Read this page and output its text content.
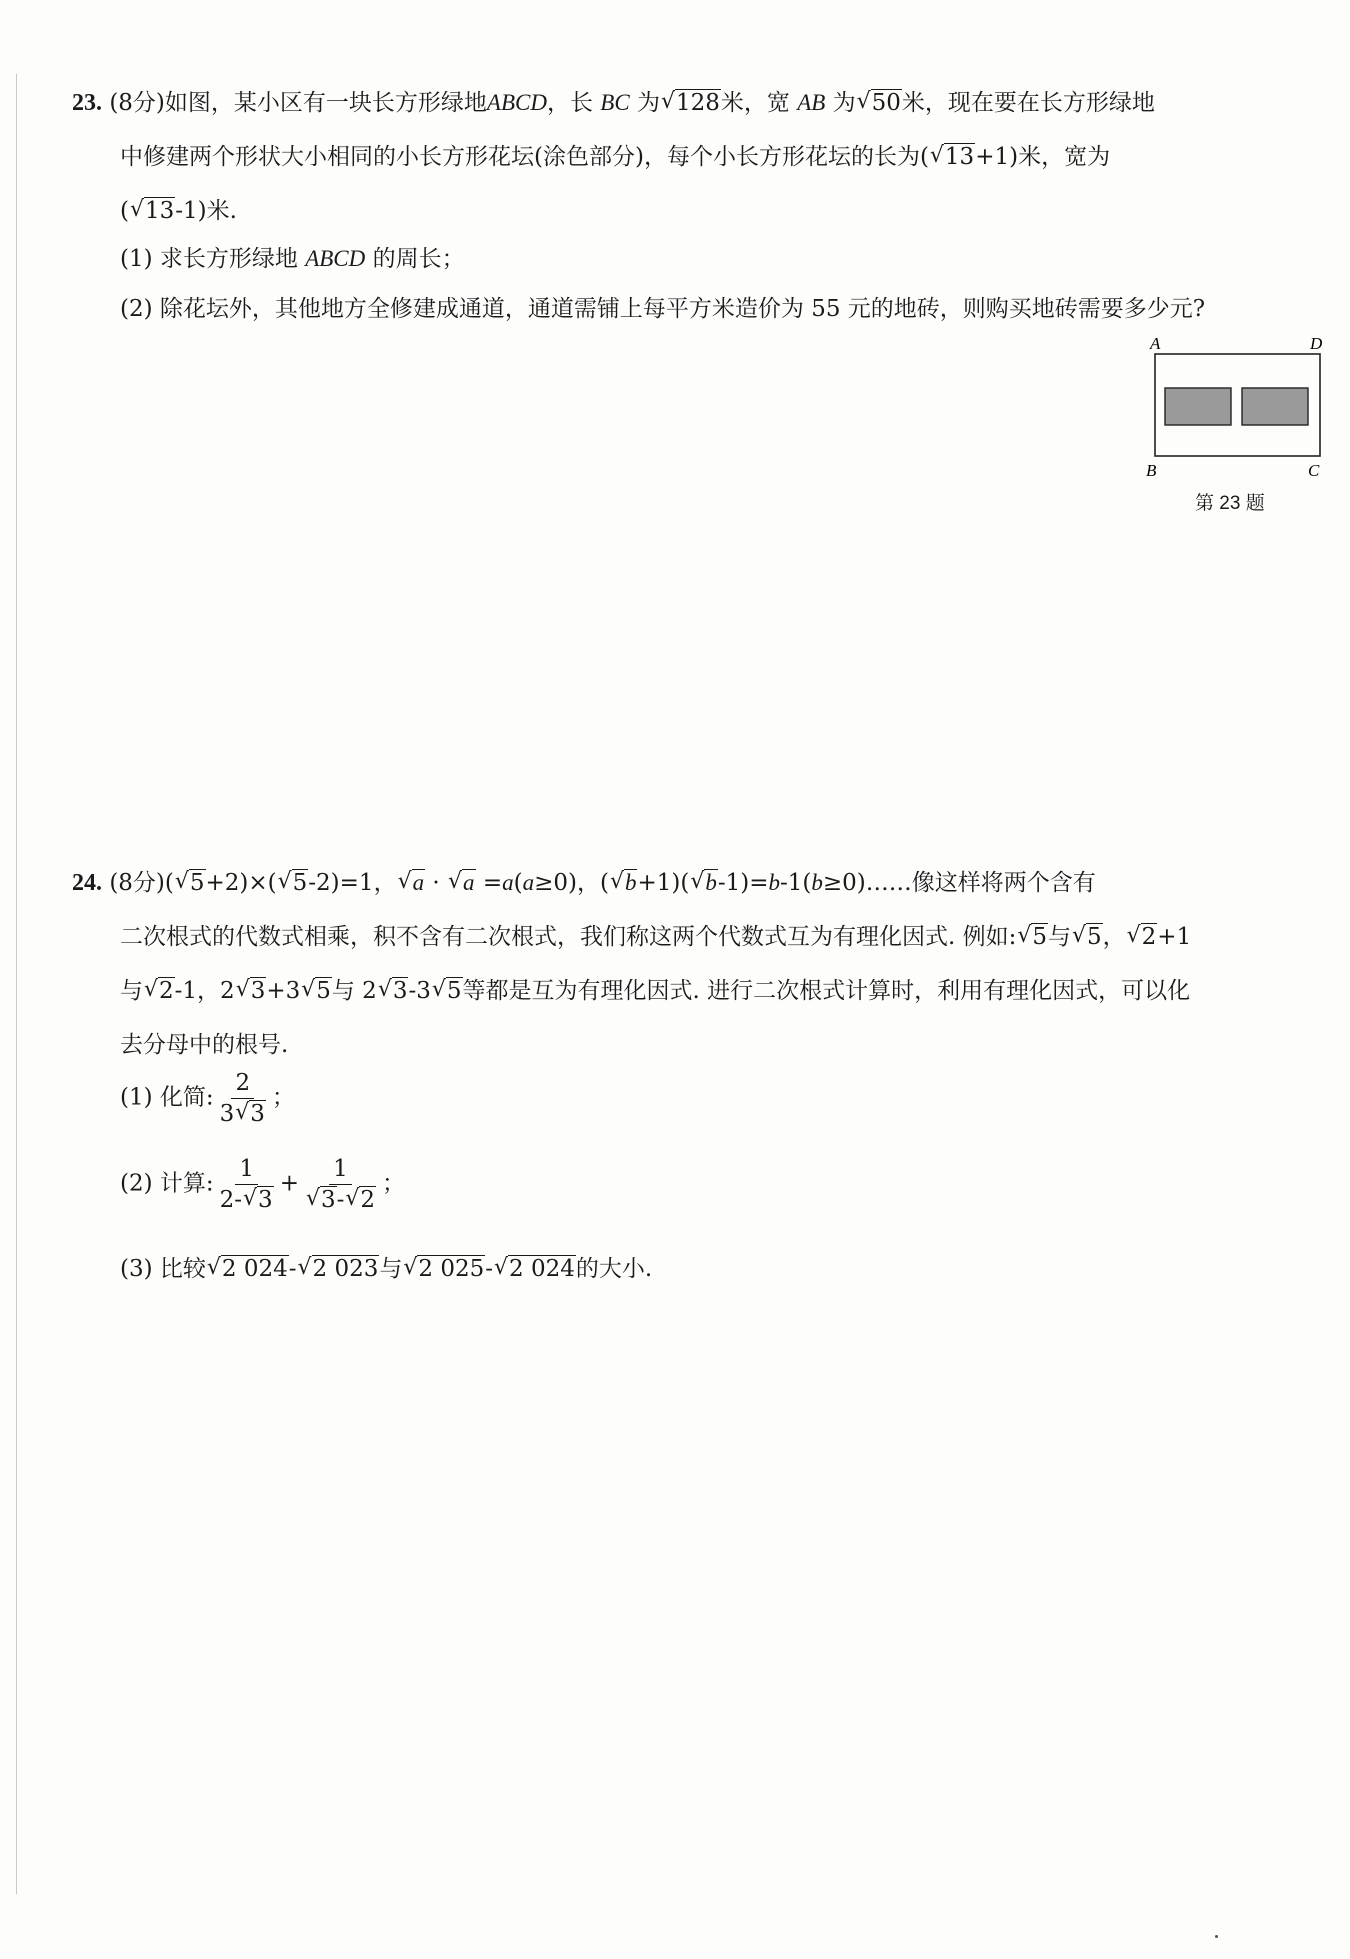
23. (8分)如图，某小区有一块长方形绿地ABCD，长 BC 为 √ 128米，宽 AB 为 √ 50米，现在要在长方形绿地
中修建两个形状大小相同的小长方形花坛(涂色部分)，每个小长方形花坛的长为( √ 13+1)米，宽为
( √ 13-1)米.
(1) 求长方形绿地 ABCD 的周长；
(2) 除花坛外，其他地方全修建成通道，通道需铺上每平方米造价为 55 元的地砖，则购买地砖需要多少元?
A	D
B	C
第 23 题
24. (8分)( √ 5+2)×( √ 5-2)=1， √ a · √ a =a(a≥0)，( √ b+1)( √ b-1)=b-1(b≥0)……像这样将两个含有
二次根式的代数式相乘，积不含有二次根式，我们称这两个代数式互为有理化因式. 例如: √ 5与 √ 5， √ 2+1
与 √ 2-1，2 √ 3+3 √ 5与 2 √ 3-3 √ 5等都是互为有理化因式. 进行二次根式计算时，利用有理化因式，可以化
去分母中的根号.
(1) 化简: $\frac{2}{3 √ 3}$ ；
(2) 计算: $\frac{1}{2- √ 3} + 1$
√ 3- √ 2 ；
(3) 比较 √ 2 024- √ 2 023与 √ 2 025- √ 2 024的大小.
